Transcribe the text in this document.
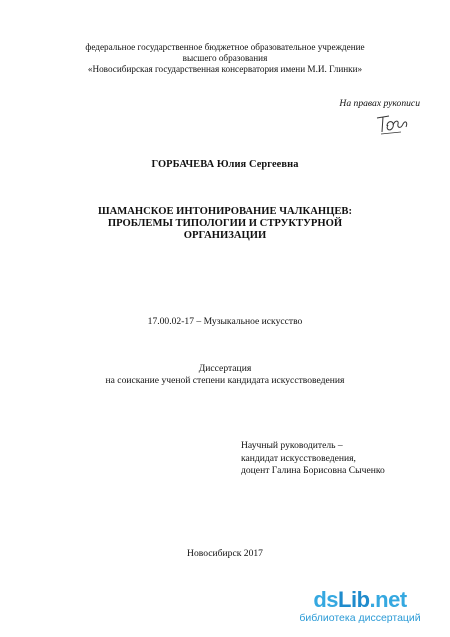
федеральное государственное бюджетное образовательное учреждение
высшего образования
«Новосибирская государственная консерватория имени М.И. Глинки»
На правах рукописи
ГОРБАЧЕВА Юлия Сергеевна
ШАМАНСКОЕ ИНТОНИРОВАНИЕ ЧАЛКАНЦЕВ:
ПРОБЛЕМЫ ТИПОЛОГИИ И СТРУКТУРНОЙ
ОРГАНИЗАЦИИ
17.00.02-17 – Музыкальное искусство
Диссертация
на соискание ученой степени кандидата искусствоведения
Научный руководитель –
кандидат искусствоведения,
доцент Галина Борисовна Сыченко
Новосибирск 2017
dsLib.net
библиотека диссертаций
